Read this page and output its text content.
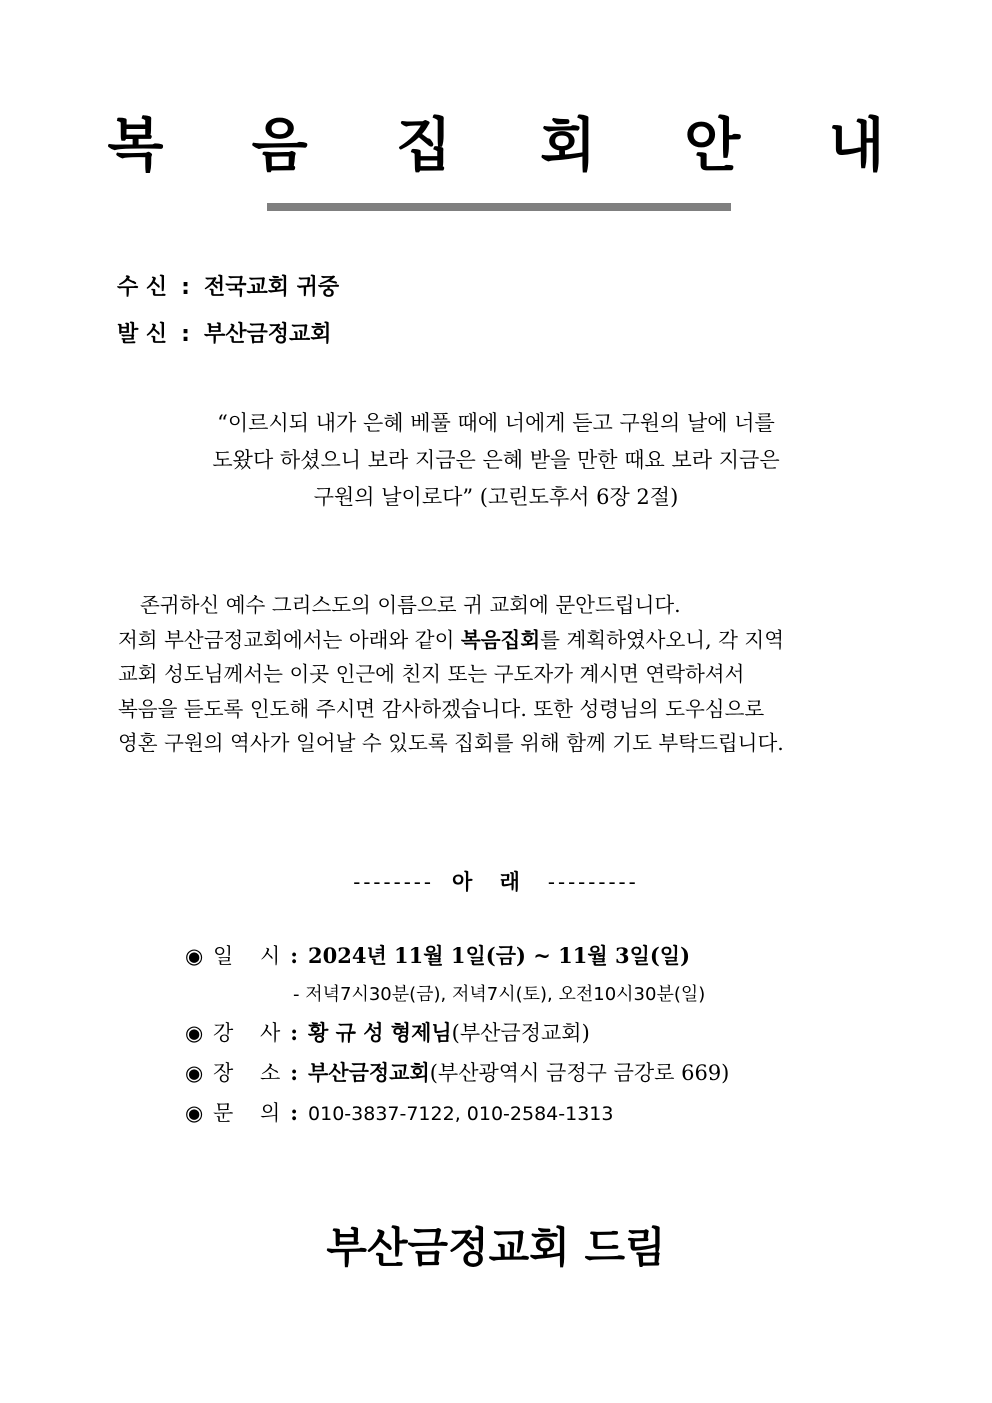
복 음 집 회 안 내
수 신 : 전국교회 귀중
발 신 : 부산금정교회
“이르시되 내가 은혜 베풀 때에 너에게 듣고 구원의 날에 너를
도왔다 하셨으니 보라 지금은 은혜 받을 만한 때요 보라 지금은
구원의 날이로다” (고린도후서 6장 2절)
존귀하신 예수 그리스도의 이름으로 귀 교회에 문안드립니다.
저희 부산금정교회에서는 아래와 같이 복음집회를 계획하였사오니, 각 지역
교회 성도님께서는 이곳 인근에 친지 또는 구도자가 계시면 연락하셔서
복음을 듣도록 인도해 주시면 감사하겠습니다. 또한 성령님의 도우심으로
영혼 구원의 역사가 일어날 수 있도록 집회를 위해 함께 기도 부탁드립니다.
-------- 아 래 ---------
◉ 일 시: 2024년 11월 1일(금) ~ 11월 3일(일)
- 저녁7시30분(금), 저녁7시(토), 오전10시30분(일)
◉ 강 사: 황 규 성 형제님(부산금정교회)
◉ 장 소: 부산금정교회(부산광역시 금정구 금강로 669)
◉ 문 의: 010-3837-7122, 010-2584-1313
부산금정교회 드림
